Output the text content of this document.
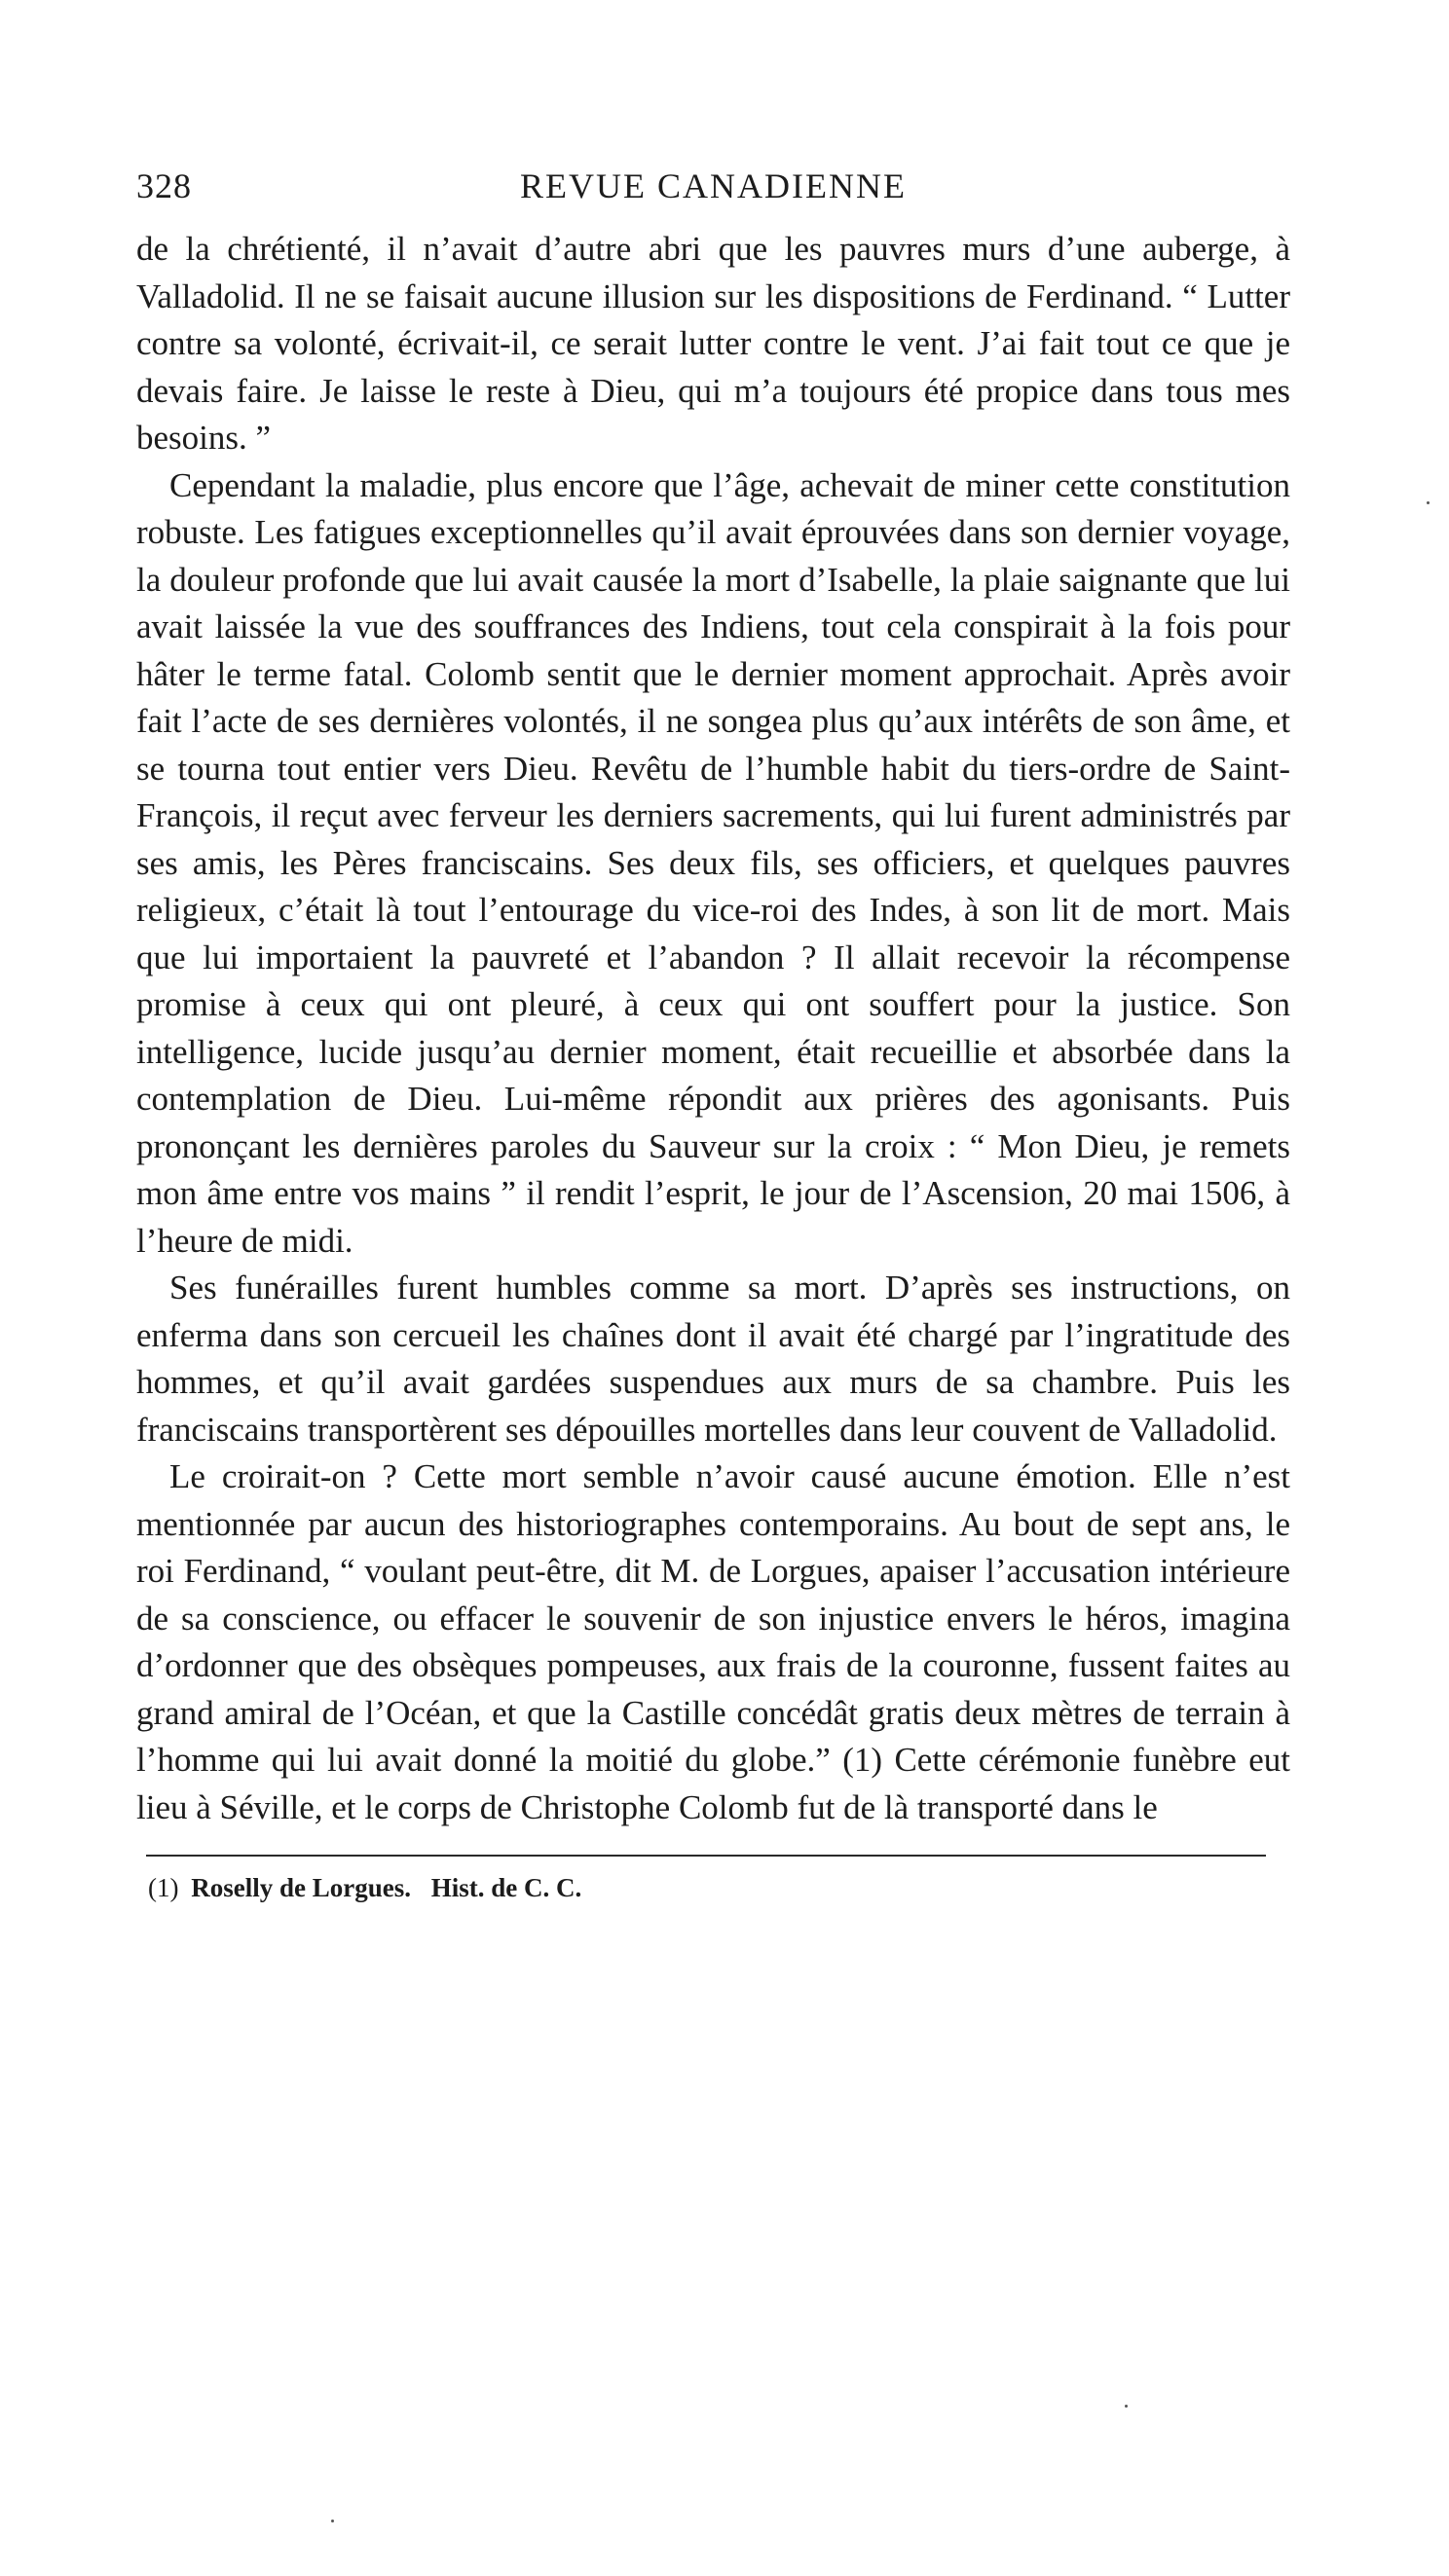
328	REVUE CANADIENNE

de la chrétienté, il n’avait d’autre abri que les pauvres murs d’une auberge, à Valladolid. Il ne se faisait aucune illusion sur les dispositions de Ferdinand. “ Lutter contre sa volonté, écrivait-il, ce serait lutter contre le vent. J’ai fait tout ce que je devais faire. Je laisse le reste à Dieu, qui m’a toujours été propice dans tous mes besoins. ”

Cependant la maladie, plus encore que l’âge, achevait de miner cette constitution robuste. Les fatigues exceptionnelles qu’il avait éprouvées dans son dernier voyage, la douleur profonde que lui avait causée la mort d’Isabelle, la plaie saignante que lui avait laissée la vue des souffrances des Indiens, tout cela conspirait à la fois pour hâter le terme fatal. Colomb sentit que le dernier moment approchait. Après avoir fait l’acte de ses dernières volontés, il ne songea plus qu’aux intérêts de son âme, et se tourna tout entier vers Dieu. Revêtu de l’humble habit du tiers-ordre de Saint-François, il reçut avec ferveur les derniers sacrements, qui lui furent administrés par ses amis, les Pères franciscains. Ses deux fils, ses officiers, et quelques pauvres religieux, c’était là tout l’entourage du vice-roi des Indes, à son lit de mort. Mais que lui importaient la pauvreté et l’abandon ? Il allait recevoir la récompense promise à ceux qui ont pleuré, à ceux qui ont souffert pour la justice. Son intelligence, lucide jusqu’au dernier moment, était recueillie et absorbée dans la contemplation de Dieu. Lui-même répondit aux prières des agonisants. Puis prononçant les dernières paroles du Sauveur sur la croix : “ Mon Dieu, je remets mon âme entre vos mains ” il rendit l’esprit, le jour de l’Ascension, 20 mai 1506, à l’heure de midi.

Ses funérailles furent humbles comme sa mort. D’après ses instructions, on enferma dans son cercueil les chaînes dont il avait été chargé par l’ingratitude des hommes, et qu’il avait gardées suspendues aux murs de sa chambre. Puis les franciscains transportèrent ses dépouilles mortelles dans leur couvent de Valladolid.

Le croirait-on ? Cette mort semble n’avoir causé aucune émotion. Elle n’est mentionnée par aucun des historiographes contemporains. Au bout de sept ans, le roi Ferdinand, “ voulant peut-être, dit M. de Lorgues, apaiser l’accusation intérieure de sa conscience, ou effacer le souvenir de son injustice envers le héros, imagina d’ordonner que des obsèques pompeuses, aux frais de la couronne, fussent faites au grand amiral de l’Océan, et que la Castille concédât gratis deux mètres de terrain à l’homme qui lui avait donné la moitié du globe.” (1) Cette cérémonie funèbre eut lieu à Séville, et le corps de Christophe Colomb fut de là transporté dans le

(1) Roselly de Lorgues. Hist. de C. C.
